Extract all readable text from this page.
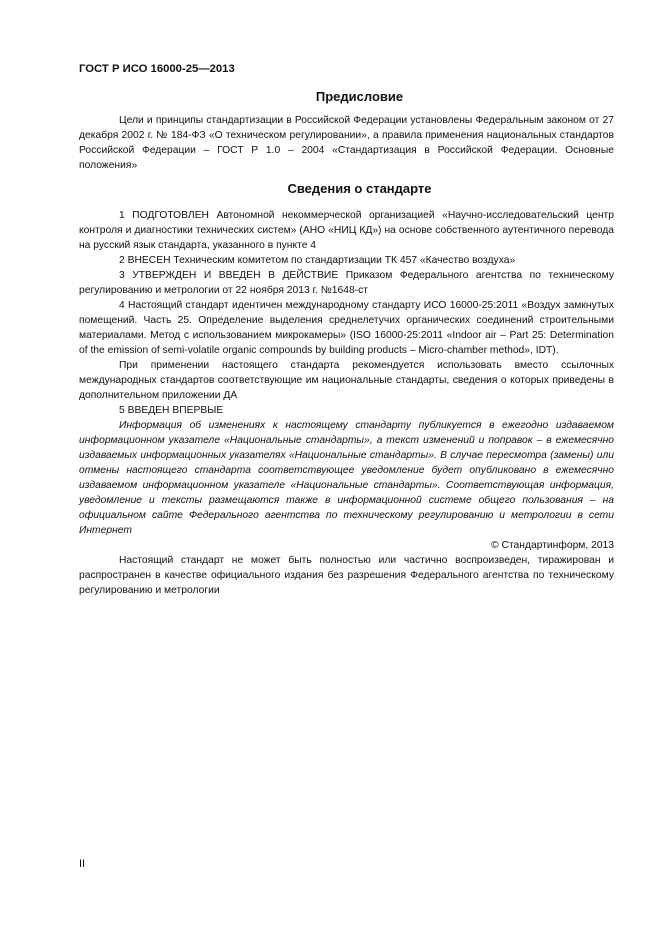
ГОСТ Р ИСО 16000-25—2013
Предисловие

Цели и принципы стандартизации в Российской Федерации установлены Федеральным законом от 27 декабря 2002 г. № 184-ФЗ «О техническом регулировании», а правила применения национальных стандартов Российской Федерации – ГОСТ Р 1.0 – 2004 «Стандартизация в Российской Федерации. Основные положения»

Сведения о стандарте

1 ПОДГОТОВЛЕН Автономной некоммерческой организацией «Научно-исследовательский центр контроля и диагностики технических систем» (АНО «НИЦ КД») на основе собственного аутентичного перевода на русский язык стандарта, указанного в пункте 4

2 ВНЕСЕН Техническим комитетом по стандартизации ТК 457 «Качество воздуха»

3 УТВЕРЖДЕН И ВВЕДЕН В ДЕЙСТВИЕ Приказом Федерального агентства по техническому регулированию и метрологии от 22 ноября 2013 г. №1648-ст

4 Настоящий стандарт идентичен международному стандарту ИСО 16000-25:2011 «Воздух замкнутых помещений. Часть 25. Определение выделения среднелетучих органических соединений строительными материалами. Метод с использованием микрокамеры» (ISO 16000-25:2011 «Indoor air – Part 25: Determination of the emission of semi-volatile organic compounds by building products – Micro-chamber method», IDT).

При применении настоящего стандарта рекомендуется использовать вместо ссылочных международных стандартов соответствующие им национальные стандарты, сведения о которых приведены в дополнительном приложении ДА

5 ВВЕДЕН ВПЕРВЫЕ

Информация об изменениях к настоящему стандарту публикуется в ежегодно издаваемом информационном указателе «Национальные стандарты», а текст изменений и поправок – в ежемесячно издаваемых информационных указателях «Национальные стандарты». В случае пересмотра (замены) или отмены настоящего стандарта соответствующее уведомление будет опубликовано в ежемесячно издаваемом информационном указателе «Национальные стандарты». Соответствующая информация, уведомление и тексты размещаются также в информационной системе общего пользования – на официальном сайте Федерального агентства по техническому регулированию и метрологии в сети Интернет

© Стандартинформ, 2013

Настоящий стандарт не может быть полностью или частично воспроизведен, тиражирован и распространен в качестве официального издания без разрешения Федерального агентства по техническому регулированию и метрологии

II
